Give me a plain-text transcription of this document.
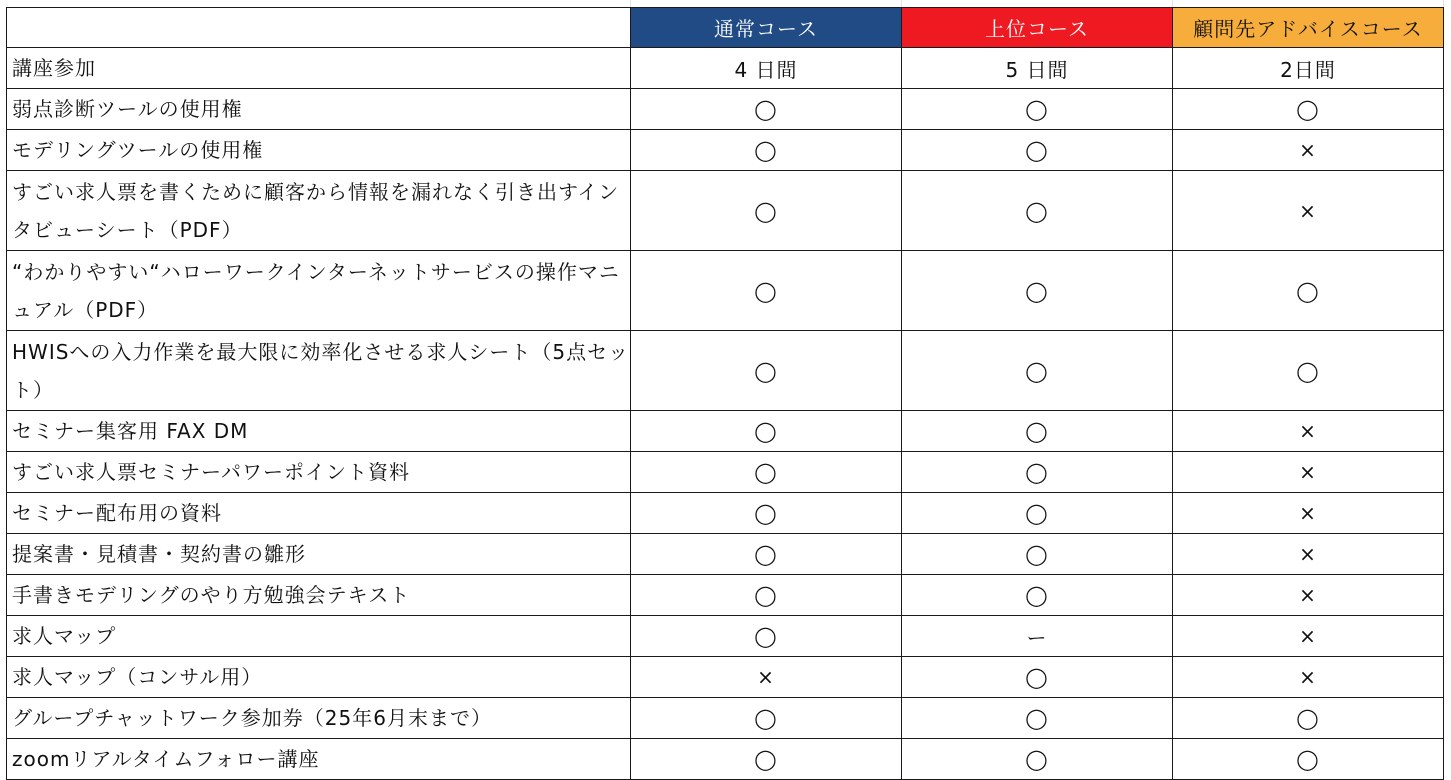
	通常コース	上位コース	顧問先アドバイスコース
講座参加	4 日間	5 日間	2日間
弱点診断ツールの使用権	◯	◯	◯
モデリングツールの使用権	◯	◯	×
すごい求人票を書くために顧客から情報を漏れなく引き出すインタビューシート（PDF）	◯	◯	×
“わかりやすい“ハローワークインターネットサービスの操作マニュアル（PDF）	◯	◯	◯
HWISへの入力作業を最大限に効率化させる求人シート（5点セット）	◯	◯	◯
セミナー集客用 FAX DM	◯	◯	×
すごい求人票セミナーパワーポイント資料	◯	◯	×
セミナー配布用の資料	◯	◯	×
提案書・見積書・契約書の雛形	◯	◯	×
手書きモデリングのやり方勉強会テキスト	◯	◯	×
求人マップ	◯	ー	×
求人マップ（コンサル用）	×	◯	×
グループチャットワーク参加券（25年6月末まで）	◯	◯	◯
zoomリアルタイムフォロー講座	◯	◯	◯
